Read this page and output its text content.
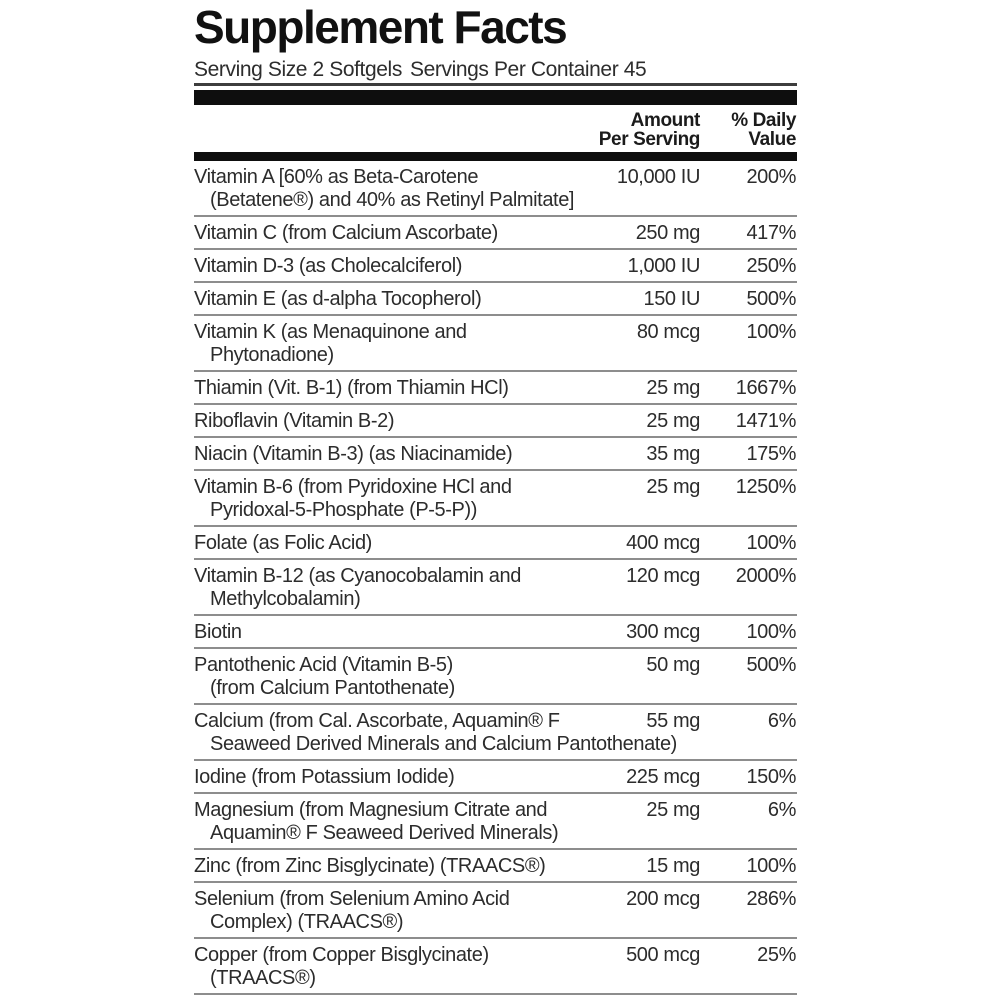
Supplement Facts
Serving Size 2 Softgels Servings Per Container 45
Amount
Per Serving
% Daily
Value
Vitamin A [60% as Beta-Carotene
(Betatene®) and 40% as Retinyl Palmitate]
10,000 IU 200%
Vitamin C (from Calcium Ascorbate)	250 mg 417%
Vitamin D-3 (as Cholecalciferol)	1,000 IU 250%
Vitamin E (as d-alpha Tocopherol)	150 IU 500%
Vitamin K (as Menaquinone and
Phytonadione)
80 mcg 100%
Thiamin (Vit. B-1) (from Thiamin HCl)	25 mg 1667%
Riboflavin (Vitamin B-2)	25 mg 1471%
Niacin (Vitamin B-3) (as Niacinamide)	35 mg 175%
Vitamin B-6 (from Pyridoxine HCl and
Pyridoxal-5-Phosphate (P-5-P))
25 mg 1250%
Folate (as Folic Acid)	400 mcg 100%
Vitamin B-12 (as Cyanocobalamin and
Methylcobalamin)
120 mcg 2000%
Biotin	300 mcg 100%
Pantothenic Acid (Vitamin B-5)
(from Calcium Pantothenate)
50 mg 500%
Calcium (from Cal. Ascorbate, Aquamin® F
Seaweed Derived Minerals and Calcium Pantothenate)
55 mg	6%
Iodine (from Potassium Iodide)	225 mcg 150%
Magnesium (from Magnesium Citrate and
Aquamin® F Seaweed Derived Minerals)
25 mg	6%
Zinc (from Zinc Bisglycinate) (TRAACS®)	15 mg 100%
Selenium (from Selenium Amino Acid
Complex) (TRAACS®)
200 mcg 286%
Copper (from Copper Bisglycinate)
(TRAACS®)
500 mcg	25%
